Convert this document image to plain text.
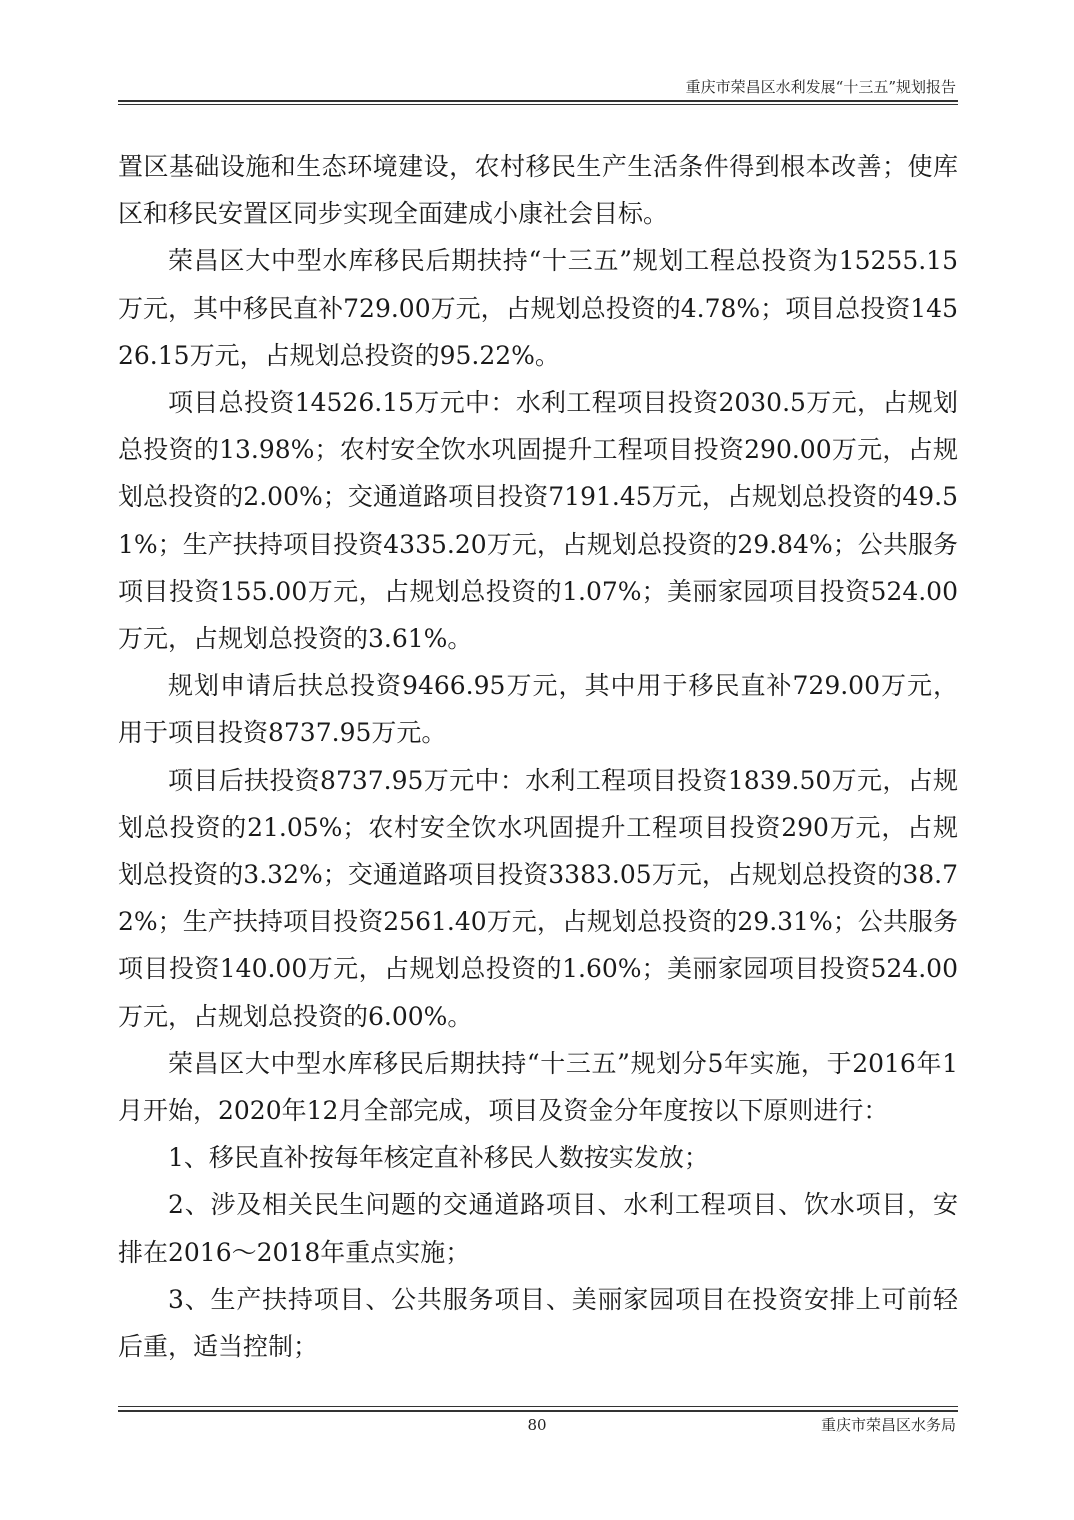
重庆市荣昌区水利发展“十三五”规划报告

置区基础设施和生态环境建设，农村移民生产生活条件得到根本改善；使库区和移民安置区同步实现全面建成小康社会目标。

荣昌区大中型水库移民后期扶持“十三五”规划工程总投资为15255.15万元，其中移民直补729.00万元，占规划总投资的4.78%；项目总投资14526.15万元，占规划总投资的95.22%。

项目总投资14526.15万元中：水利工程项目投资2030.5万元，占规划总投资的13.98%；农村安全饮水巩固提升工程项目投资290.00万元，占规划总投资的2.00%；交通道路项目投资7191.45万元，占规划总投资的49.51%；生产扶持项目投资4335.20万元，占规划总投资的29.84%；公共服务项目投资155.00万元，占规划总投资的1.07%；美丽家园项目投资524.00万元，占规划总投资的3.61%。

规划申请后扶总投资9466.95万元，其中用于移民直补729.00万元，用于项目投资8737.95万元。

项目后扶投资8737.95万元中：水利工程项目投资1839.50万元，占规划总投资的21.05%；农村安全饮水巩固提升工程项目投资290万元，占规划总投资的3.32%；交通道路项目投资3383.05万元，占规划总投资的38.72%；生产扶持项目投资2561.40万元，占规划总投资的29.31%；公共服务项目投资140.00万元，占规划总投资的1.60%；美丽家园项目投资524.00万元，占规划总投资的6.00%。

荣昌区大中型水库移民后期扶持“十三五”规划分5年实施，于2016年1月开始，2020年12月全部完成，项目及资金分年度按以下原则进行：

1、移民直补按每年核定直补移民人数按实发放；

2、涉及相关民生问题的交通道路项目、水利工程项目、饮水项目，安排在2016～2018年重点实施；

3、生产扶持项目、公共服务项目、美丽家园项目在投资安排上可前轻后重，适当控制；

80	重庆市荣昌区水务局
